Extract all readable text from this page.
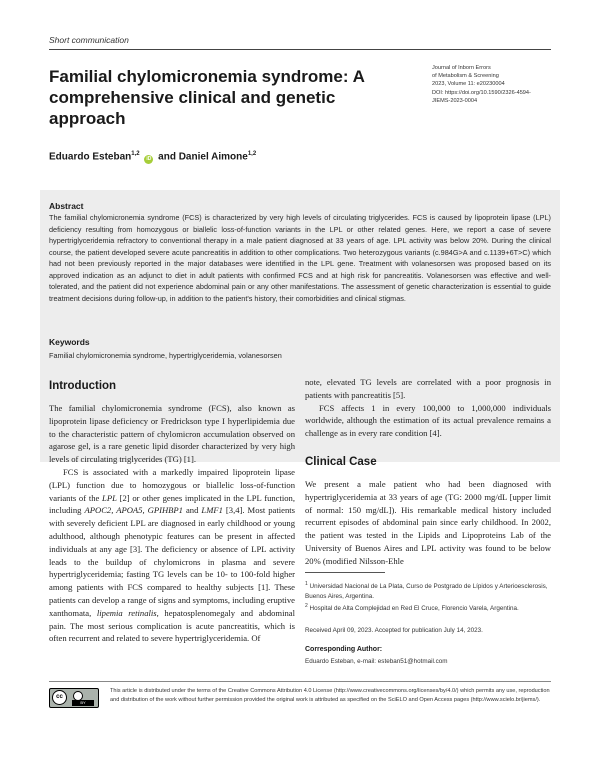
Short communication
Familial chylomicronemia syndrome: A comprehensive clinical and genetic approach
Journal of Inborn Errors
of Metabolism & Screening
2023, Volume 11: e20230004
DOI: https://doi.org/10.1590/2326-4594-
JIEMS-2023-0004
Eduardo Esteban$^{1,2}$ iD and Daniel Aimone$^{1,2}$
Abstract
The familial chylomicronemia syndrome (FCS) is characterized by very high levels of circulating triglycerides. FCS is caused by lipoprotein lipase (LPL) deficiency resulting from homozygous or biallelic loss-of-function variants in the LPL or other related genes. Here, we report a case of severe hypertriglyceridemia refractory to conventional therapy in a male patient diagnosed at 33 years of age. LPL activity was below 20%. During the clinical course, the patient developed severe acute pancreatitis in addition to other complications. Two heterozygous variants (c.984G>A and c.1139+6T>C) which had not been previously reported in the major databases were identified in the LPL gene. Treatment with volanesorsen was proposed based on its approved indication as an adjunct to diet in adult patients with confirmed FCS and at high risk for pancreatitis. Volanesorsen was effective and well-tolerated, and the patient did not experience abdominal pain or any other manifestations. The assessment of genetic characterization is essential to guide treatment decisions during follow-up, in addition to the patient's history, their comorbidities and clinical stigmas.
Keywords
Familial chylomicronemia syndrome, hypertriglyceridemia, volanesorsen
Introduction

The familial chylomicronemia syndrome (FCS), also known as lipoprotein lipase deficiency or Fredrickson type I hyperlipidemia due to the characteristic pattern of chylomicron accumulation observed on agarose gel, is a rare genetic lipid disorder characterized by very high levels of circulating triglycerides (TG) [1].

FCS is associated with a markedly impaired lipoprotein lipase (LPL) function due to homozygous or biallelic loss-of-function variants of the LPL [2] or other genes implicated in the LPL function, including APOC2, APOA5, GPIHBP1 and LMF1 [3,4]. Most patients with severely deficient LPL are diagnosed in early childhood or young adulthood, although phenotypic features can be present in affected individuals at any age [3]. The deficiency or absence of LPL activity leads to the buildup of chylomicrons in plasma and severe hypertriglyceridemia; fasting TG levels can be 10- to 100-fold higher among patients with FCS compared to healthy subjects [1]. These patients can develop a range of signs and symptoms, including eruptive xanthomata, lipemia retinalis, hepatosplenomegaly and abdominal pain. The most serious complication is acute pancreatitis, which is often recurrent and related to severe hypertriglyceridemia. Of

note, elevated TG levels are correlated with a poor prognosis in patients with pancreatitis [5].

FCS affects 1 in every 100,000 to 1,000,000 individuals worldwide, although the estimation of its actual prevalence remains a challenge as in every rare condition [4].

Clinical Case

We present a male patient who had been diagnosed with hypertriglyceridemia at 33 years of age (TG: 2000 mg/dL [upper limit of normal: 150 mg/dL]). His remarkable medical history included recurrent episodes of abdominal pain since early childhood. In 2002, the patient was tested in the Lipids and Lipoproteins Lab of the University of Buenos Aires and LPL activity was found to be below 20% (modified Nilsson-Ehle

$^1$ Universidad Nacional de La Plata, Curso de Postgrado de Lípidos y Arterioesclerosis, Buenos Aires, Argentina.
$^2$ Hospital de Alta Complejidad en Red El Cruce, Florencio Varela, Argentina.
Received April 09, 2023. Accepted for publication July 14, 2023.
Corresponding Author:
Eduardo Esteban, e-mail: esteban51@hotmail.com
cc
BY
This article is distributed under the terms of the Creative Commons Attribution 4.0 License (http://www.creativecommons.org/licenses/by/4.0/) which permits any use, reproduction and distribution of the work without further permission provided the original work is attributed as specified on the SciELO and Open Access pages (http://www.scielo.br/jiems/).
